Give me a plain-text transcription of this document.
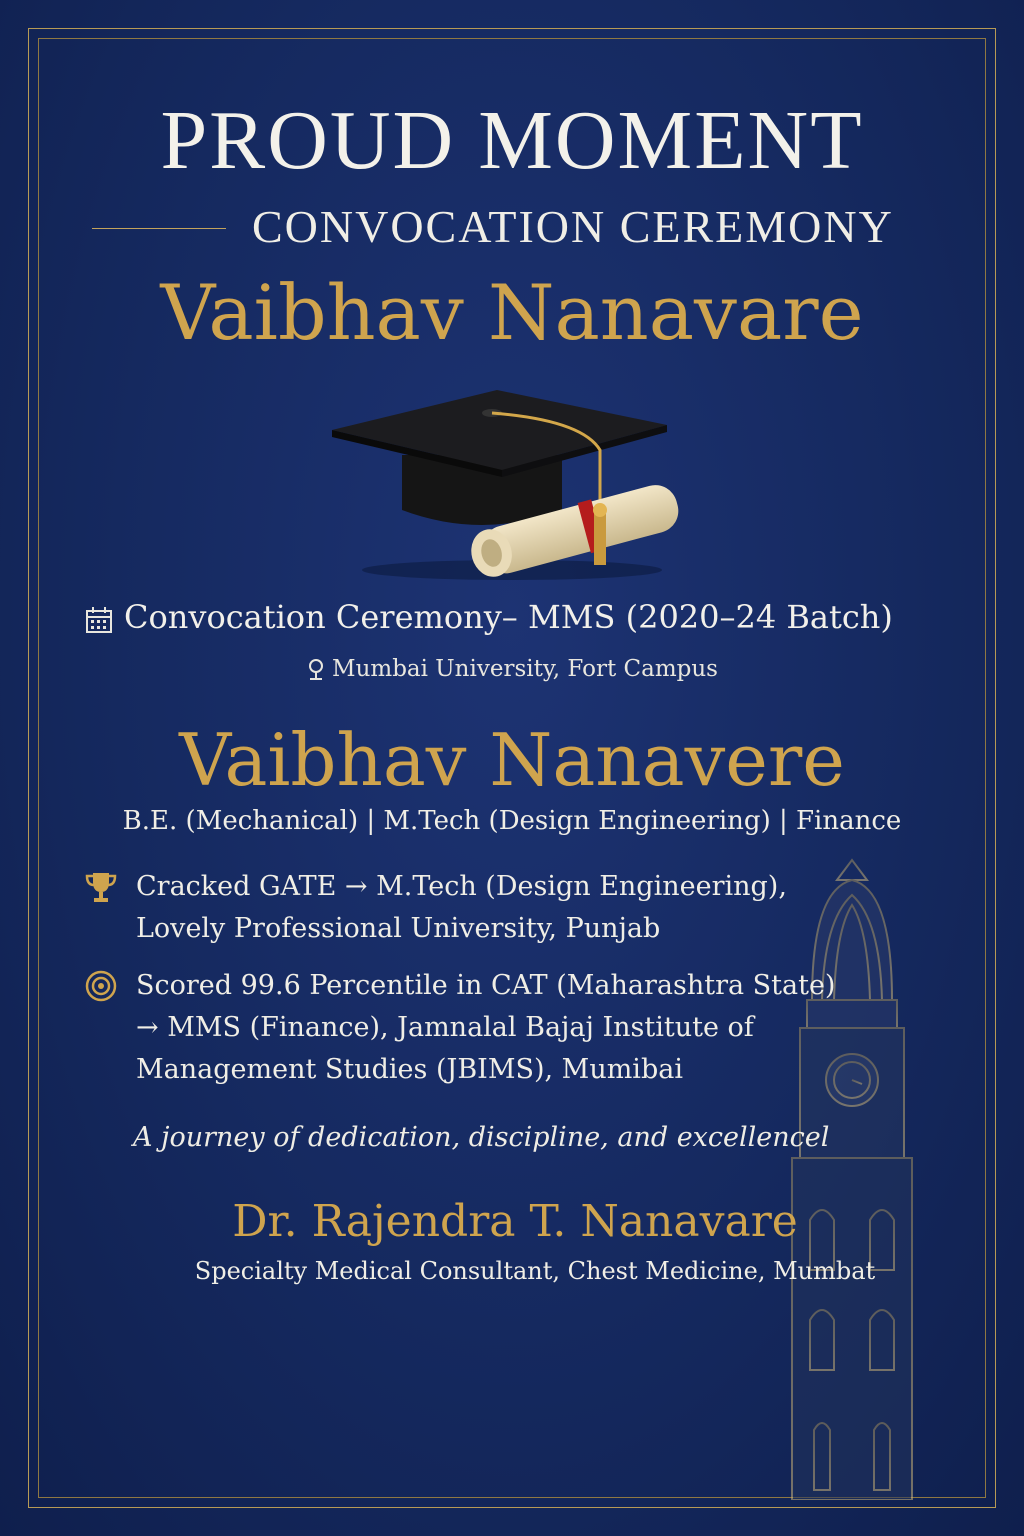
PROUD MOMENT
CONVOCATION CEREMONY
Vaibhav Nanavare
Convocation Ceremony– MMS (2020–24 Batch)
Mumbai University, Fort Campus
Vaibhav Nanavere
B.E. (Mechanical) | M.Tech (Design Engineering) | Finance
Cracked GATE → M.Tech (Design Engineering),
Lovely Professional University, Punjab
Scored 99.6 Percentile in CAT (Maharashtra State)
→ MMS (Finance), Jamnalal Bajaj Institute of
Management Studies (JBIMS), Mumibai
A journey of dedication, discipline, and excellencel
Dr. Rajendra T. Nanavare
Specialty Medical Consultant, Chest Medicine, Mumbat
